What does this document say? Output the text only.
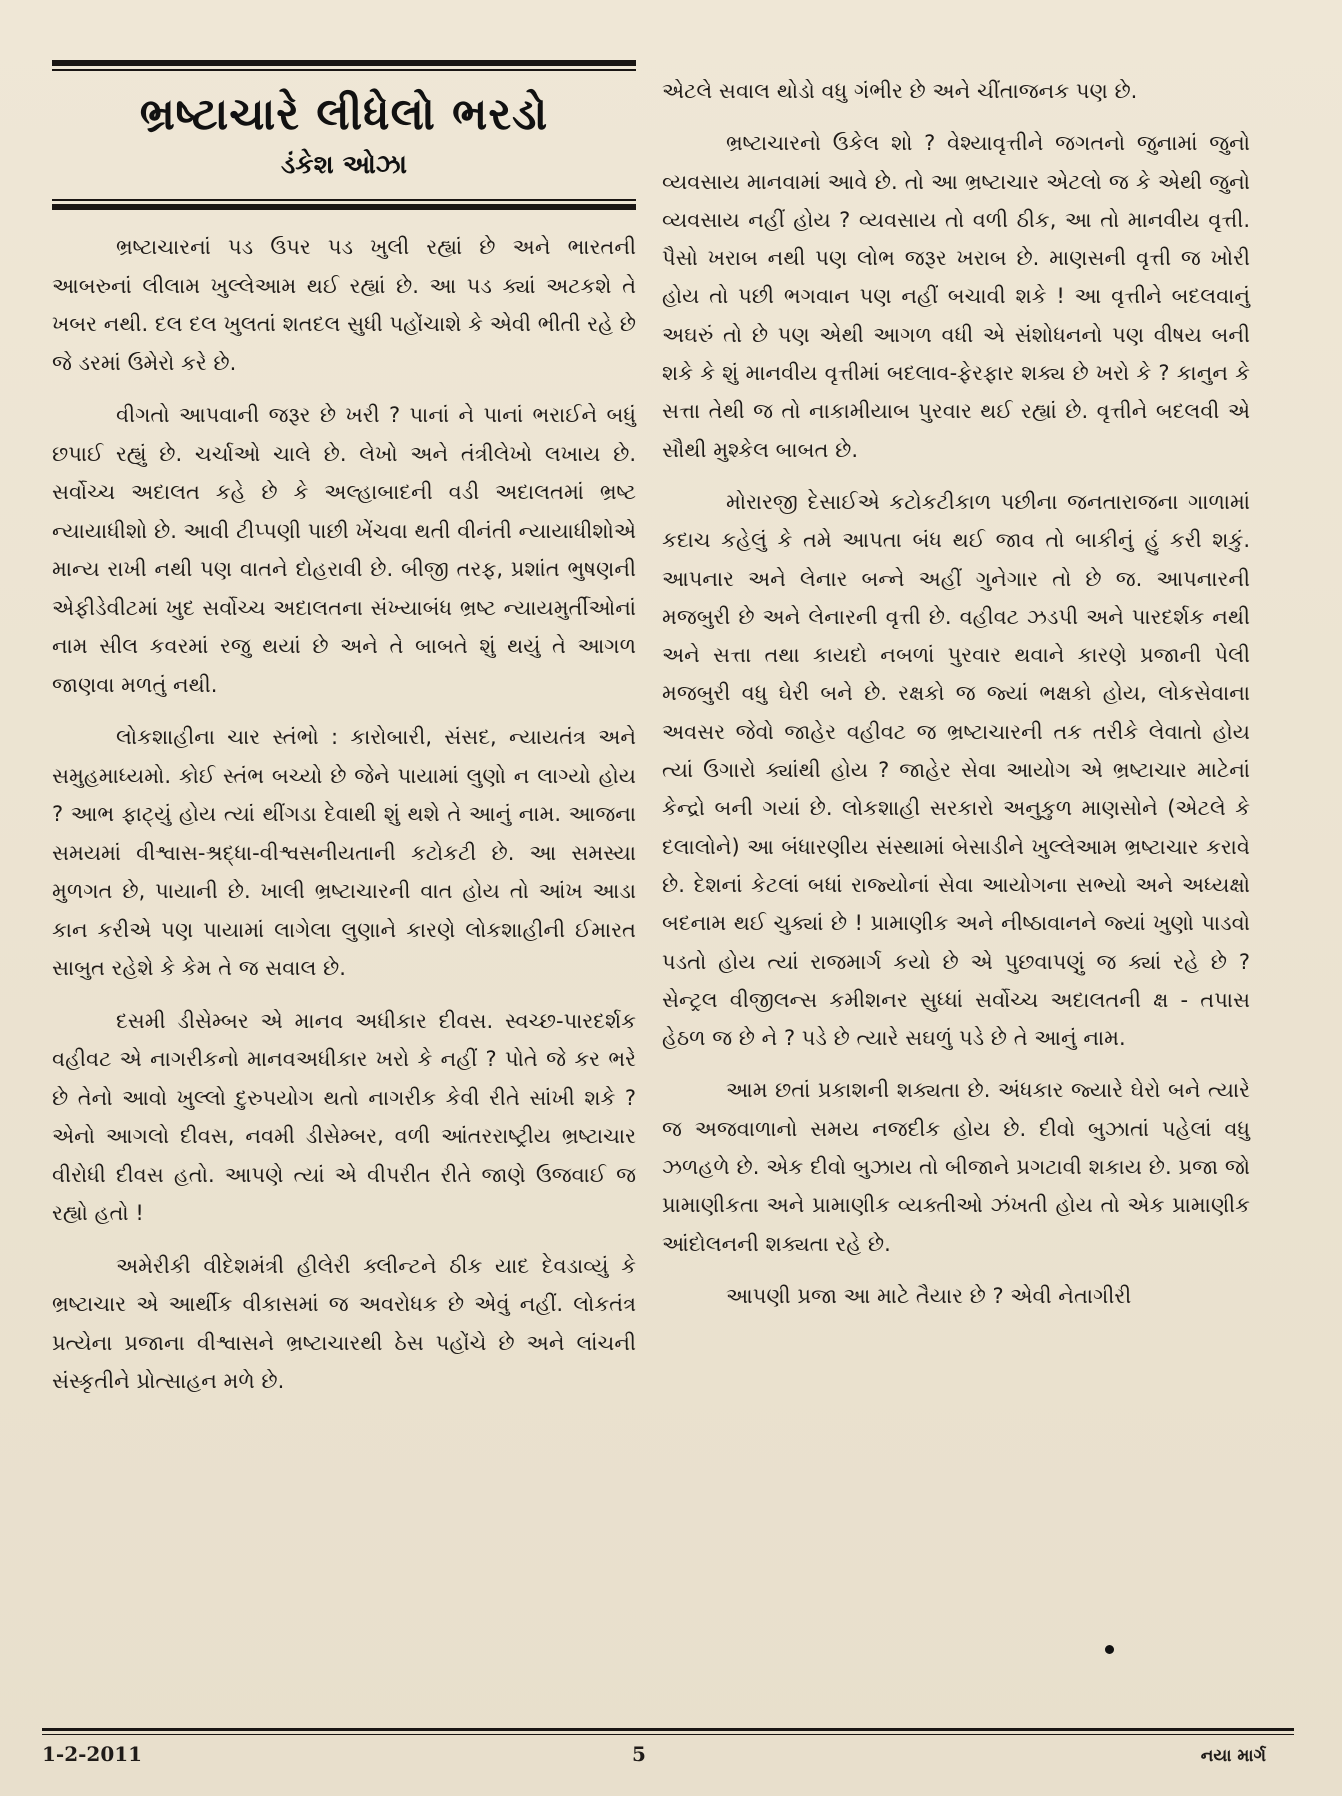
ભ્રષ્ટાચારે લીધેલો ભરડો
ડંકેશ ઓઝા

ભ્રષ્ટાચારનાં પડ ઉપર પડ ખુલી રહ્યાં છે અને ભારતની આબરુનાં લીલામ ખુલ્લેઆમ થઈ રહ્યાં છે. આ પડ ક્યાં અટકશે તે ખબર નથી. દલ દલ ખુલતાં શતદલ સુધી પહોંચાશે કે એવી ભીતી રહે છે જે ડરમાં ઉમેરો કરે છે.

વીગતો આપવાની જરૂર છે ખરી ? પાનાં ને પાનાં ભરાઈને બધું છપાઈ રહ્યું છે. ચર્ચાઓ ચાલે છે. લેખો અને તંત્રીલેખો લખાય છે. સર્વોચ્ચ અદાલત કહે છે કે અલ્હાબાદની વડી અદાલતમાં ભ્રષ્ટ ન્યાયાધીશો છે. આવી ટીપ્પણી પાછી ખેંચવા થતી વીનંતી ન્યાયાધીશોએ માન્ય રાખી નથી પણ વાતને દોહરાવી છે. બીજી તરફ, પ્રશાંત ભુષણની એફીડેવીટમાં ખુદ સર્વોચ્ચ અદાલતના સંખ્યાબંધ ભ્રષ્ટ ન્યાયમુર્તીઓનાં નામ સીલ કવરમાં રજુ થયાં છે અને તે બાબતે શું થયું તે આગળ જાણવા મળતું નથી.

લોકશાહીના ચાર સ્તંભો : કારોબારી, સંસદ, ન્યાયતંત્ર અને સમુહમાધ્યમો. કોઈ સ્તંભ બચ્યો છે જેને પાયામાં લુણો ન લાગ્યો હોય ? આભ ફાટ્યું હોય ત્યાં થીંગડા દેવાથી શું થશે તે આનું નામ. આજના સમયમાં વીશ્વાસ-શ્રદ્ધા-વીશ્વસનીયતાની કટોકટી છે. આ સમસ્યા મુળગત છે, પાયાની છે. ખાલી ભ્રષ્ટાચારની વાત હોય તો આંખ આડા કાન કરીએ પણ પાયામાં લાગેલા લુણાને કારણે લોકશાહીની ઈમારત સાબુત રહેશે કે કેમ તે જ સવાલ છે.

દસમી ડીસેમ્બર એ માનવ અધીકાર દીવસ. સ્વચ્છ-પારદર્શક વહીવટ એ નાગરીકનો માનવઅધીકાર ખરો કે નહીં ? પોતે જે કર ભરે છે તેનો આવો ખુલ્લો દુરુપયોગ થતો નાગરીક કેવી રીતે સાંખી શકે ? એનો આગલો દીવસ, નવમી ડીસેમ્બર, વળી આંતરરાષ્ટ્રીય ભ્રષ્ટાચાર વીરોધી દીવસ હતો. આપણે ત્યાં એ વીપરીત રીતે જાણે ઉજવાઈ જ રહ્યો હતો !

અમેરીકી વીદેશમંત્રી હીલેરી ક્લીન્ટને ઠીક યાદ દેવડાવ્યું કે ભ્રષ્ટાચાર એ આર્થીક વીકાસમાં જ અવરોધક છે એવું નહીં. લોકતંત્ર પ્રત્યેના પ્રજાના વીશ્વાસને ભ્રષ્ટાચારથી ઠેસ પહોંચે છે અને લાંચની સંસ્કૃતીને પ્રોત્સાહન મળે છે.

એટલે સવાલ થોડો વધુ ગંભીર છે અને ચીંતાજનક પણ છે.

ભ્રષ્ટાચારનો ઉકેલ શો ? વેશ્યાવૃત્તીને જગતનો જુનામાં જુનો વ્યવસાય માનવામાં આવે છે. તો આ ભ્રષ્ટાચાર એટલો જ કે એથી જુનો વ્યવસાય નહીં હોય ? વ્યવસાય તો વળી ઠીક, આ તો માનવીય વૃત્તી. પૈસો ખરાબ નથી પણ લોભ જરૂર ખરાબ છે. માણસની વૃત્તી જ ખોરી હોય તો પછી ભગવાન પણ નહીં બચાવી શકે ! આ વૃત્તીને બદલવાનું અઘરું તો છે પણ એથી આગળ વધી એ સંશોધનનો પણ વીષય બની શકે કે શું માનવીય વૃત્તીમાં બદલાવ-ફેરફાર શક્ય છે ખરો કે ? કાનુન કે સત્તા તેથી જ તો નાકામીયાબ પુરવાર થઈ રહ્યાં છે. વૃત્તીને બદલવી એ સૌથી મુશ્કેલ બાબત છે.

મોરારજી દેસાઈએ કટોકટીકાળ પછીના જનતારાજના ગાળામાં કદાચ કહેલું કે તમે આપતા બંધ થઈ જાવ તો બાકીનું હું કરી શકું. આપનાર અને લેનાર બન્ને અહીં ગુનેગાર તો છે જ. આપનારની મજબુરી છે અને લેનારની વૃત્તી છે. વહીવટ ઝડપી અને પારદર્શક નથી અને સત્તા તથા કાયદો નબળાં પુરવાર થવાને કારણે પ્રજાની પેલી મજબુરી વધુ ઘેરી બને છે. રક્ષકો જ જ્યાં ભક્ષકો હોય, લોકસેવાના અવસર જેવો જાહેર વહીવટ જ ભ્રષ્ટાચારની તક તરીકે લેવાતો હોય ત્યાં ઉગારો ક્યાંથી હોય ? જાહેર સેવા આયોગ એ ભ્રષ્ટાચાર માટેનાં કેન્દ્રો બની ગયાં છે. લોકશાહી સરકારો અનુકુળ માણસોને (એટલે કે દલાલોને) આ બંધારણીય સંસ્થામાં બેસાડીને ખુલ્લેઆમ ભ્રષ્ટાચાર કરાવે છે. દેશનાં કેટલાં બધાં રાજ્યોનાં સેવા આયોગના સભ્યો અને અધ્યક્ષો બદનામ થઈ ચુક્યાં છે ! પ્રામાણીક અને નીષ્ઠાવાનને જ્યાં ખુણો પાડવો પડતો હોય ત્યાં રાજમાર્ગ કયો છે એ પુછવાપણું જ ક્યાં રહે છે ? સેન્ટ્રલ વીજીલન્સ કમીશનર સુધ્ધાં સર્વોચ્ચ અદાલતની ક્ષ - તપાસ હેઠળ જ છે ને ? પડે છે ત્યારે સઘળું પડે છે તે આનું નામ.

આમ છતાં પ્રકાશની શક્યતા છે. અંધકાર જ્યારે ઘેરો બને ત્યારે જ અજવાળાનો સમય નજદીક હોય છે. દીવો બુઝાતાં પહેલાં વધુ ઝળહળે છે. એક દીવો બુઝાય તો બીજાને પ્રગટાવી શકાય છે. પ્રજા જો પ્રામાણીકતા અને પ્રામાણીક વ્યક્તીઓ ઝંખતી હોય તો એક પ્રામાણીક આંદોલનની શક્યતા રહે છે.

આપણી પ્રજા આ માટે તૈયાર છે ? એવી નેતાગીરી

1-2-2011	5	નયા માર્ગ
